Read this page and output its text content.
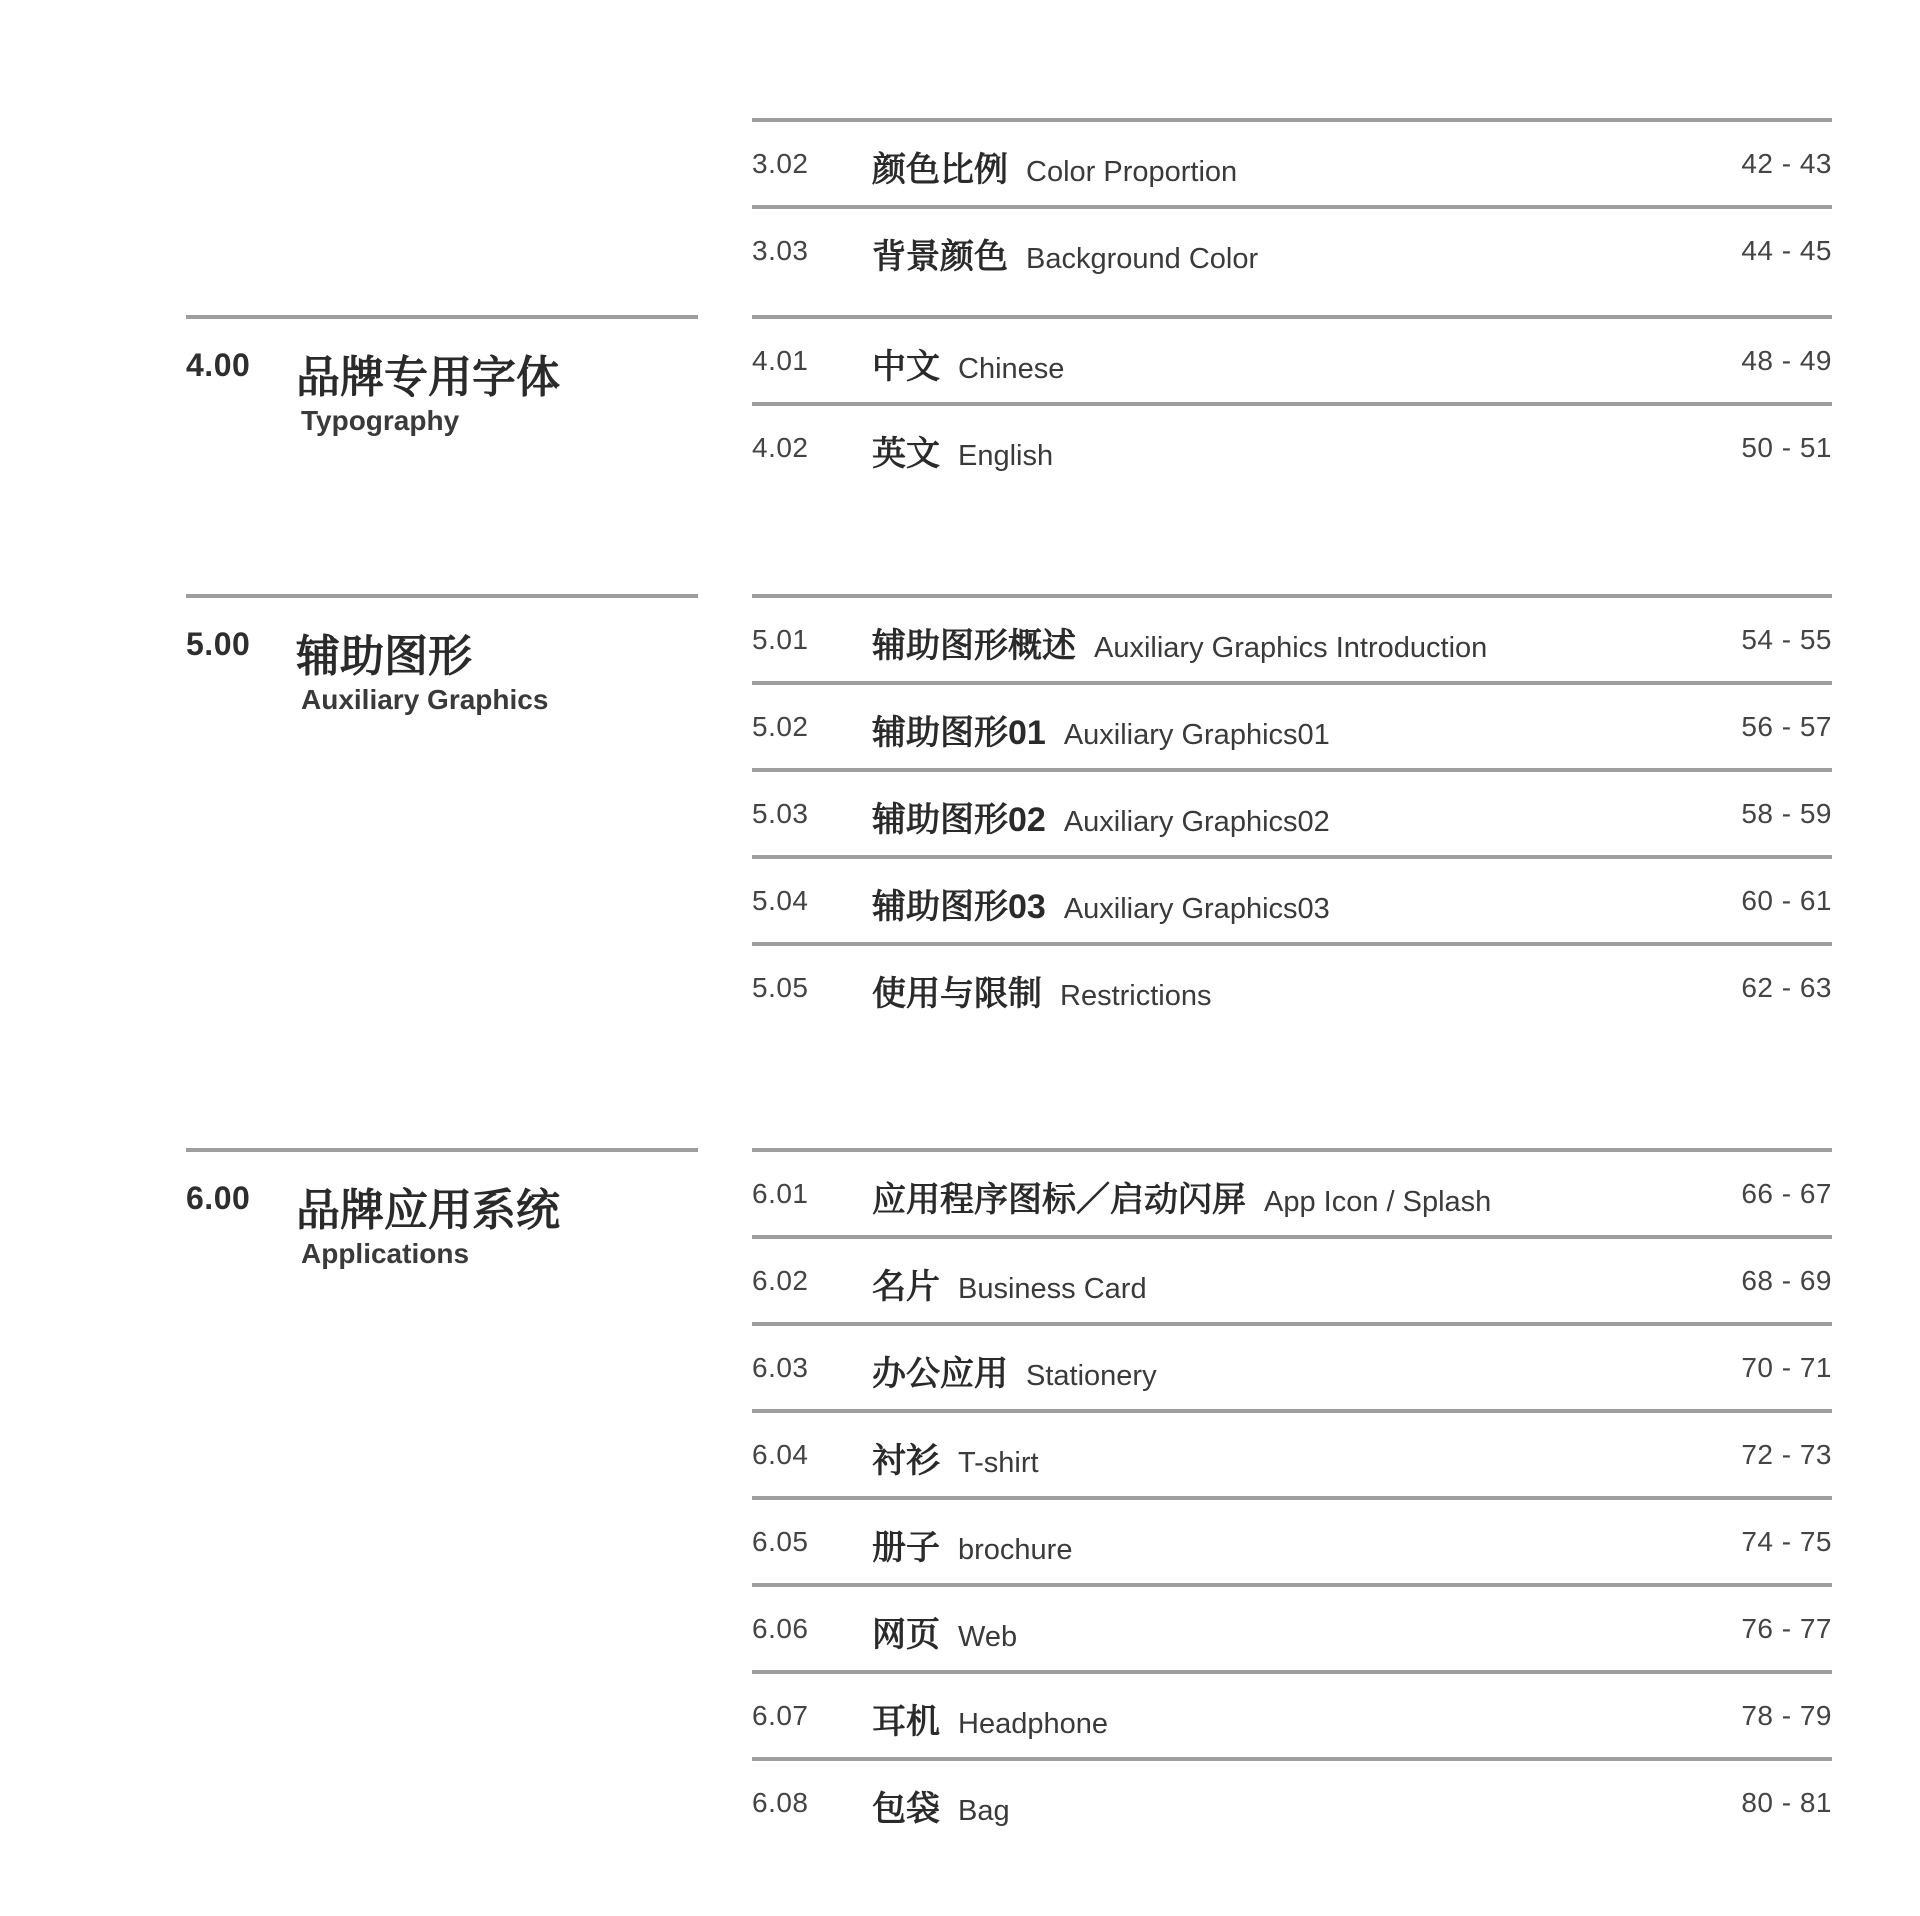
4.00 品牌专用字体
Typography
5.00 辅助图形
Auxiliary Graphics
6.00 品牌应用系统
Applications
3.02 颜色比例 Color Proportion	42 - 43
3.03 背景颜色 Background Color	44 - 45
4.01 中文 Chinese	48 - 49
4.02 英文 English	50 - 51
5.01 辅助图形概述 Auxiliary Graphics Introduction	54 - 55
5.02 辅助图形01 Auxiliary Graphics01	56 - 57
5.03 辅助图形02 Auxiliary Graphics02	58 - 59
5.04 辅助图形03 Auxiliary Graphics03	60 - 61
5.05 使用与限制 Restrictions	62 - 63
6.01 应用程序图标／启动闪屏 App Icon / Splash	66 - 67
6.02 名片 Business Card	68 - 69
6.03 办公应用 Stationery	70 - 71
6.04 衬衫 T-shirt	72 - 73
6.05 册子 brochure	74 - 75
6.06 网页 Web	76 - 77
6.07 耳机 Headphone	78 - 79
6.08 包袋 Bag	80 - 81
